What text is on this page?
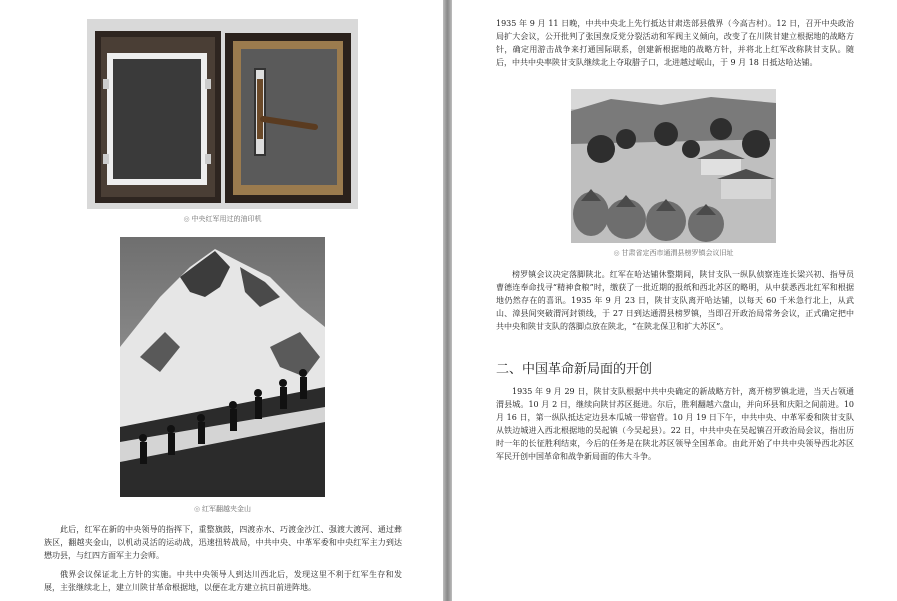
◎ 中央红军用过的油印机
◎ 红军翻越夹金山

此后，红军在新的中央领导的指挥下，重整旗鼓，四渡赤水、巧渡金沙江、强渡大渡河、通过彝族区，翻越夹金山，以机动灵活的运动战，迅速扭转战局，中共中央、中革军委和中央红军主力到达懋功县，与红四方面军主力会师。

俄界会议保证北上方针的实施。中共中央领导人到达川西北后，发现这里不利于红军生存和发展，主张继续北上，建立川陕甘革命根据地，以便在北方建立抗日前进阵地。

1935 年 9 月 11 日晚，中共中央北上先行抵达甘肃迭部县俄界（今高吉村）。12 日，召开中央政治局扩大会议，公开批判了张国焘反党分裂活动和军阀主义倾向，改变了在川陕甘建立根据地的战略方针，确定用游击战争来打通国际联系，创建新根据地的战略方针，并将北上红军改称陕甘支队。随后，中共中央率陕甘支队继续北上夺取腊子口，北进越过岷山，于 9 月 18 日抵达哈达铺。

◎ 甘肃省定西市通渭县榜罗镇会议旧址

榜罗镇会议决定落脚陕北。红军在哈达铺休整期间，陕甘支队一纵队侦察连连长梁兴初、指导员曹德连奉命找寻“精神食粮”时，缴获了一批近期的报纸和西北苏区的略明，从中获悉西北红军和根据地仍然存在的喜讯。1935 年 9 月 23 日，陕甘支队离开哈达铺，以每天 60 千米急行北上，从武山、漳县间突破渭河封锁线，于 27 日到达通渭县榜罗镇，当即召开政治局常务会议，正式确定把中共中央和陕甘支队的落脚点放在陕北，“在陕北保卫和扩大苏区”。

二、中国革命新局面的开创

1935 年 9 月 29 日，陕甘支队根据中共中央确定的新战略方针，离开榜罗镇北进，当天占领通渭县城。10 月 2 日，继续向陕甘苏区挺进。尔后，胜利翻越六盘山，并向环县和庆阳之间前进。10 月 16 日，第一纵队抵达定边县本瓜城一带宿营。10 月 19 日下午，中共中央、中革军委和陕甘支队从铁边城进入西北根据地的吴起镇（今吴起县）。22 日，中共中央在吴起镇召开政治局会议，指出历时一年的长征胜利结束，今后的任务是在陕北苏区领导全国革命。由此开始了中共中央领导西北苏区军民开创中国革命和战争新局面的伟大斗争。
